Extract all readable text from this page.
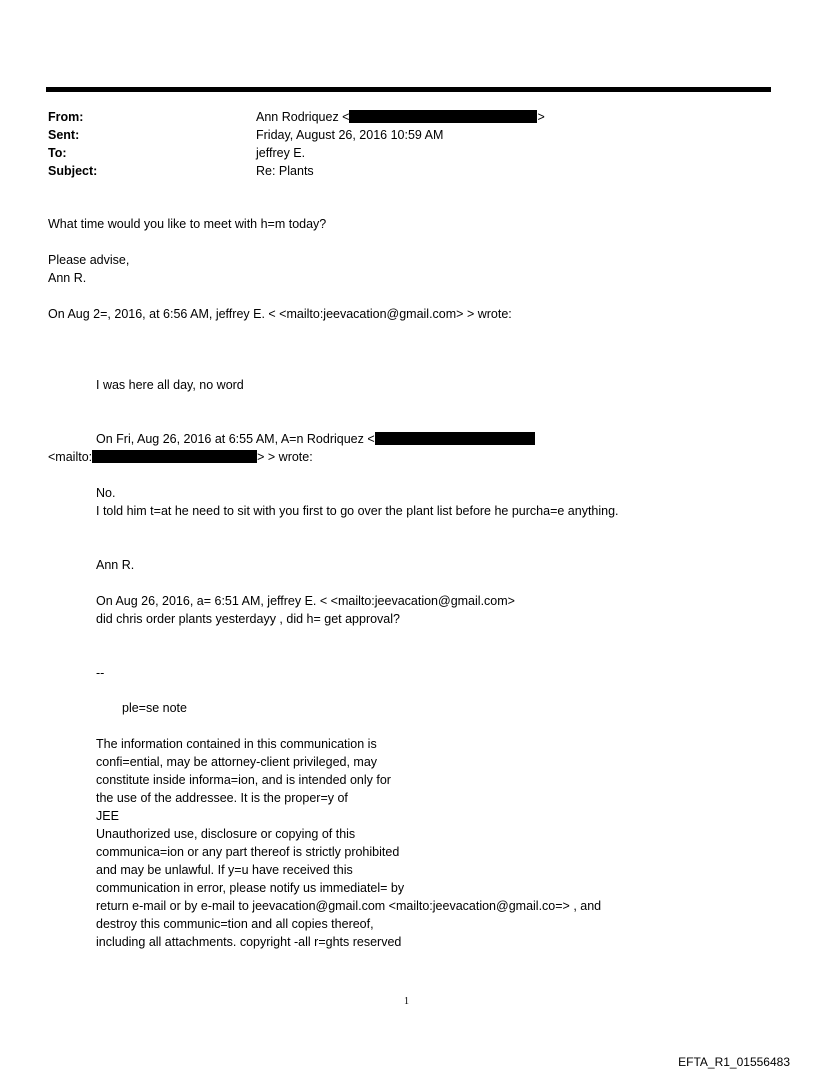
From:	Ann Rodriquez <	>
Sent:	Friday, August 26, 2016 10:59 AM
To:	jeffrey E.
Subject:	Re: Plants
What time would you like to meet with h=m today?
Please advise,
Ann R.
On Aug 2=, 2016, at 6:56 AM, jeffrey E. < <mailto:jeevacation@gmail.com> > wrote:
I was here all day, no word
On Fri, Aug 26, 2016 at 6:55 AM, A=n Rodriquez <
<mailto:	> > wrote:
No.
I told him t=at he need to sit with you first to go over the plant list before he purcha=e anything.
Ann R.
On Aug 26, 2016, a= 6:51 AM, jeffrey E. < <mailto:jeevacation@gmail.com>
did chris order plants yesterdayy , did h= get approval?
--
ple=se note
The information contained in this communication is
confi=ential, may be attorney-client privileged, may
constitute inside informa=ion, and is intended only for
the use of the addressee. It is the proper=y of
JEE
Unauthorized use, disclosure or copying of this
communica=ion or any part thereof is strictly prohibited
and may be unlawful. If y=u have received this
communication in error, please notify us immediatel= by
return e-mail or by e-mail to jeevacation@gmail.com <mailto:jeevacation@gmail.co=> , and
destroy this communic=tion and all copies thereof,
including all attachments. copyright -all r=ghts reserved
1
EFTA_R1_01556483
